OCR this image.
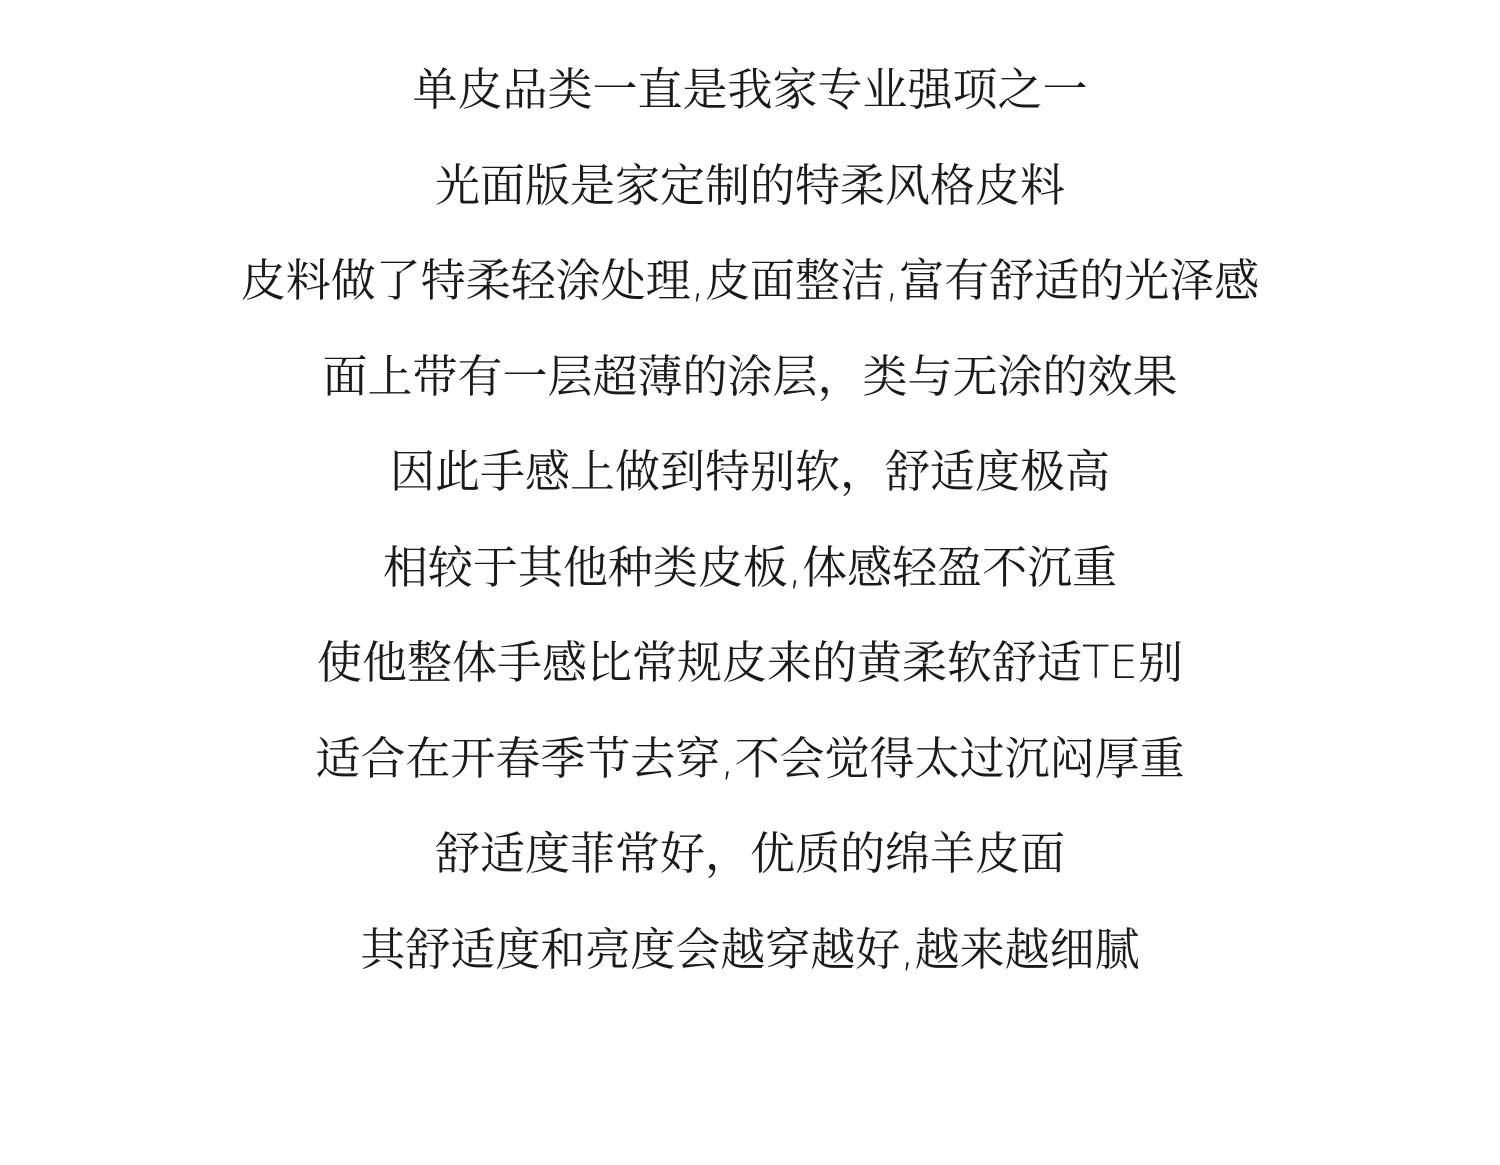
单皮品类一直是我家专业强项之一
光面版是家定制的特柔风格皮料
皮料做了特柔轻涂处理,皮面整洁,富有舒适的光泽感
面上带有一层超薄的涂层，类与无涂的效果
因此手感上做到特别软，舒适度极高
相较于其他种类皮板,体感轻盈不沉重
使他整体手感比常规皮来的黄柔软舒适TE别
适合在开春季节去穿,不会觉得太过沉闷厚重
舒适度菲常好，优质的绵羊皮面
其舒适度和亮度会越穿越好,越来越细腻
